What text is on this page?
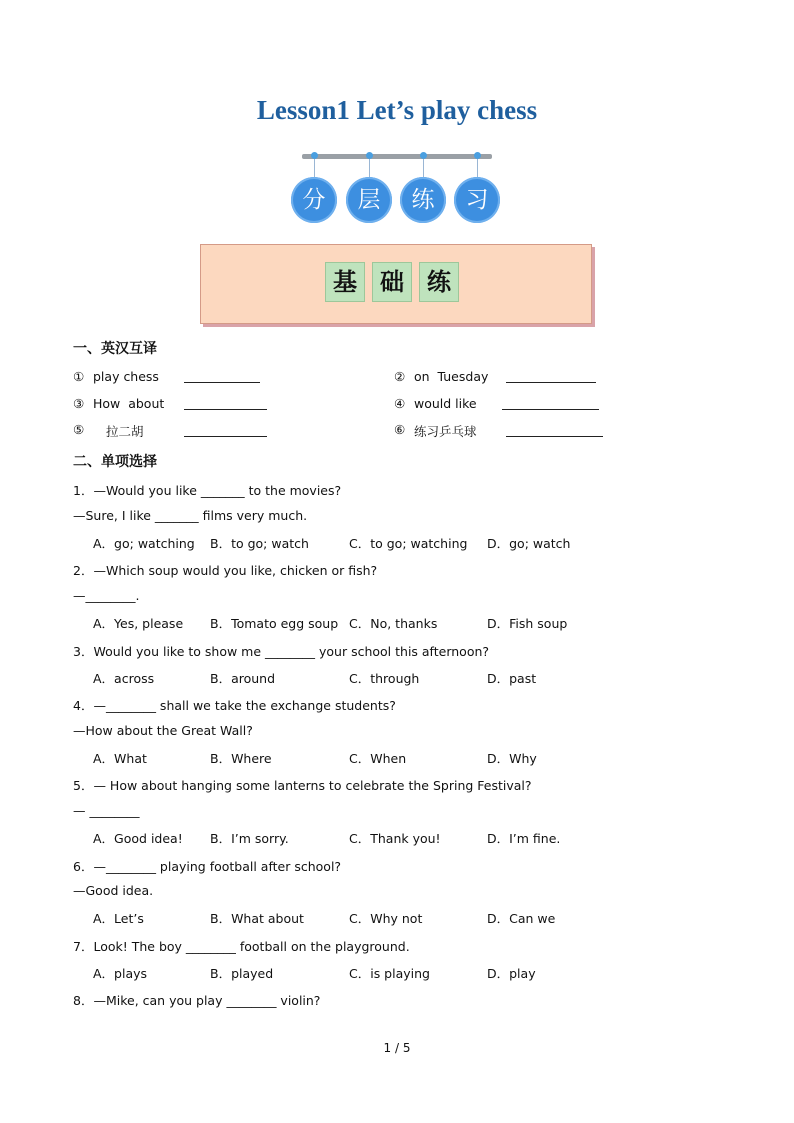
Lesson1 Let’s play chess
分	层	练	习
基 础 练
一、英汉互译
① play chess	② on  Tuesday
③ How  about	④ would like
⑤ 拉二胡	⑥ 练习乒乓球
二、单项选择
1．—Would you like _______ to the movies?
—Sure, I like _______ films very much.
A．go; watching B．to go; watch	C．to go; watching D．go; watch
2．—Which soup would you like, chicken or fish?
—________.
A．Yes, please B．Tomato egg soup C．No, thanks	D．Fish soup
3．Would you like to show me ________ your school this afternoon?
A．across	B．around	C．through	D．past
4．—________ shall we take the exchange students?
—How about the Great Wall?
A．What	B．Where	C．When	D．Why
5．— How about hanging some lanterns to celebrate the Spring Festival?
— ________
A．Good idea! B．I’m sorry.	C．Thank you!	D．I’m fine.
6．—________ playing football after school?
—Good idea.
A．Let’s	B．What about	C．Why not	D．Can we
7．Look! The boy ________ football on the playground.
A．plays	B．played	C．is playing	D．play
8．—Mike, can you play ________ violin?
1 / 5
